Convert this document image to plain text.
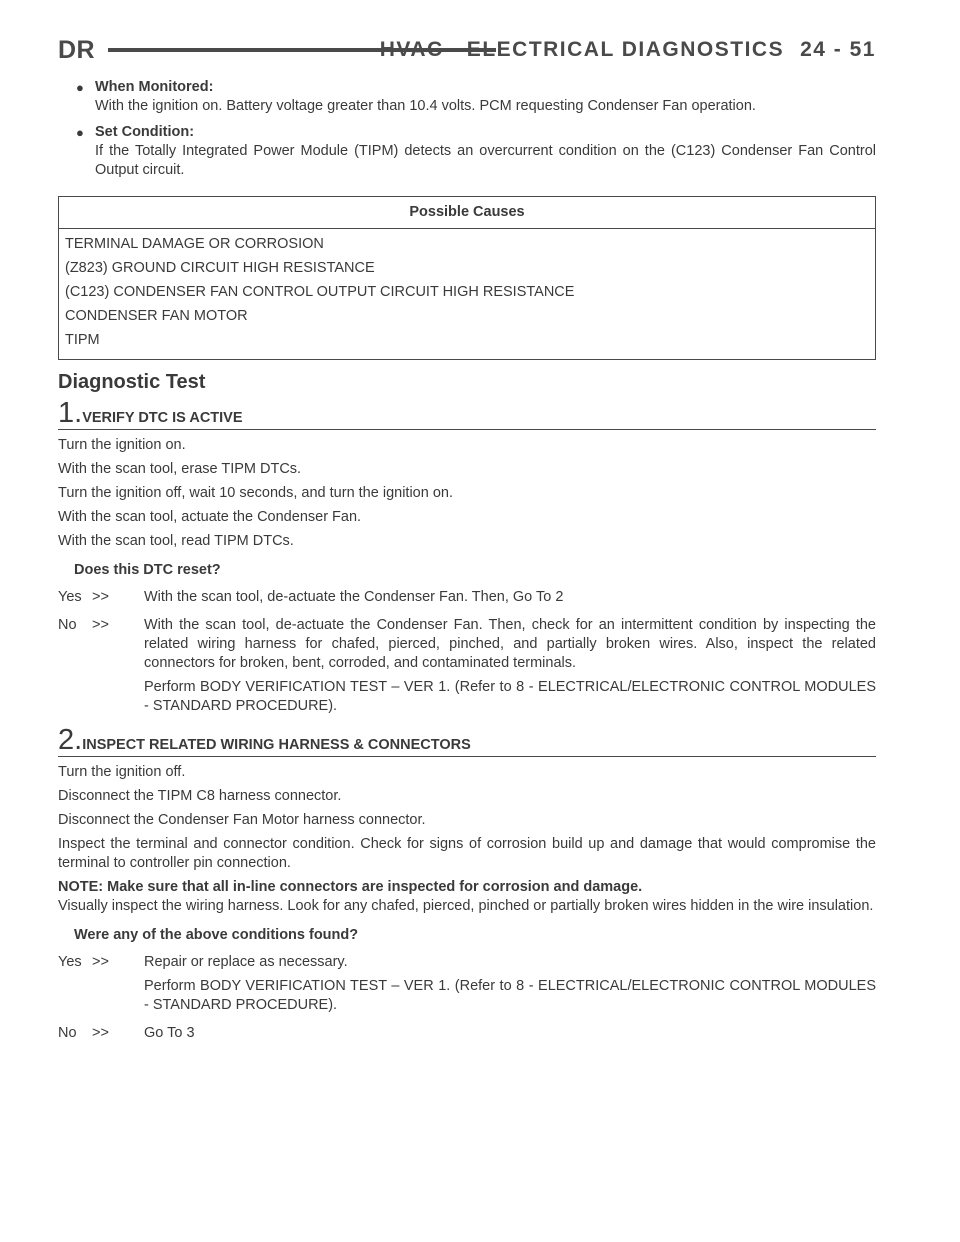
DR	HVAC - ELECTRICAL DIAGNOSTICS 24 - 51
● When Monitored:
With the ignition on. Battery voltage greater than 10.4 volts. PCM requesting Condenser Fan operation.
● Set Condition:
If the Totally Integrated Power Module (TIPM) detects an overcurrent condition on the (C123) Condenser Fan Control Output circuit.
Possible Causes
TERMINAL DAMAGE OR CORROSION
(Z823) GROUND CIRCUIT HIGH RESISTANCE
(C123) CONDENSER FAN CONTROL OUTPUT CIRCUIT HIGH RESISTANCE
CONDENSER FAN MOTOR
TIPM
Diagnostic Test
1.VERIFY DTC IS ACTIVE

Turn the ignition on.

With the scan tool, erase TIPM DTCs.

Turn the ignition off, wait 10 seconds, and turn the ignition on.

With the scan tool, actuate the Condenser Fan.

With the scan tool, read TIPM DTCs.

Does this DTC reset?

Yes >>	With the scan tool, de-actuate the Condenser Fan. Then, Go To 2

No	>>	With the scan tool, de-actuate the Condenser Fan. Then, check for an intermittent condition by inspecting the related wiring harness for chafed, pierced, pinched, and partially broken wires. Also, inspect the related connectors for broken, bent, corroded, and contaminated terminals.

Perform BODY VERIFICATION TEST – VER 1. (Refer to 8 - ELECTRICAL/ELECTRONIC CONTROL MODULES - STANDARD PROCEDURE).

2.INSPECT RELATED WIRING HARNESS & CONNECTORS

Turn the ignition off.

Disconnect the TIPM C8 harness connector.

Disconnect the Condenser Fan Motor harness connector.

Inspect the terminal and connector condition. Check for signs of corrosion build up and damage that would compromise the terminal to controller pin connection.

NOTE: Make sure that all in-line connectors are inspected for corrosion and damage.

Visually inspect the wiring harness. Look for any chafed, pierced, pinched or partially broken wires hidden in the wire insulation.

Were any of the above conditions found?

Yes >>	Repair or replace as necessary.

Perform BODY VERIFICATION TEST – VER 1. (Refer to 8 - ELECTRICAL/ELECTRONIC CONTROL MODULES - STANDARD PROCEDURE).

No	>>	Go To 3
